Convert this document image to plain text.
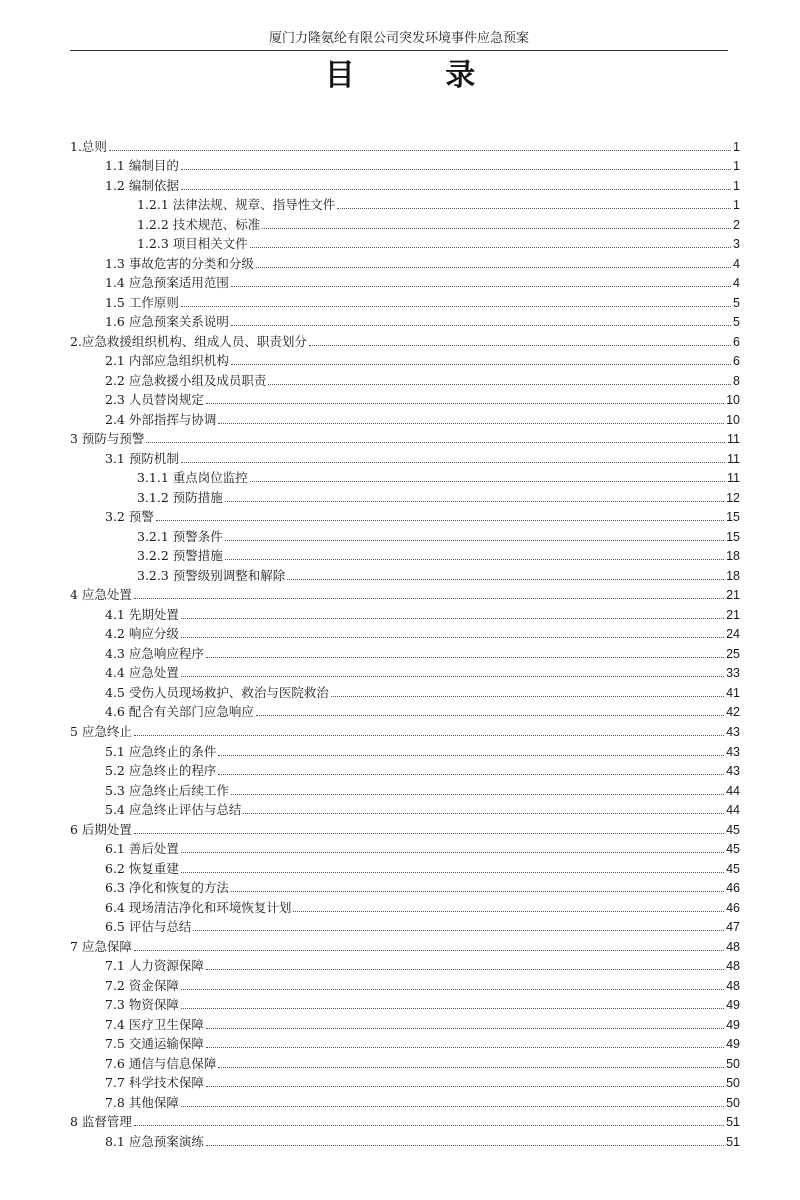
厦门力隆氨纶有限公司突发环境事件应急预案
目 录
1.总则	1
1.1 编制目的	1
1.2 编制依据	1
1.2.1 法律法规、规章、指导性文件	1
1.2.2 技术规范、标准	2
1.2.3 项目相关文件	3
1.3 事故危害的分类和分级	4
1.4 应急预案适用范围	4
1.5 工作原则	5
1.6 应急预案关系说明	5
2.应急救援组织机构、组成人员、职责划分	6
2.1 内部应急组织机构	6
2.2 应急救援小组及成员职责	8
2.3 人员替岗规定	10
2.4 外部指挥与协调	10
3 预防与预警	11
3.1 预防机制	11
3.1.1 重点岗位监控	11
3.1.2 预防措施	12
3.2 预警	15
3.2.1 预警条件	15
3.2.2 预警措施	18
3.2.3 预警级别调整和解除	18
4 应急处置	21
4.1 先期处置	21
4.2 响应分级	24
4.3 应急响应程序	25
4.4 应急处置	33
4.5 受伤人员现场救护、救治与医院救治	41
4.6 配合有关部门应急响应	42
5 应急终止	43
5.1 应急终止的条件	43
5.2 应急终止的程序	43
5.3 应急终止后续工作	44
5.4 应急终止评估与总结	44
6 后期处置	45
6.1 善后处置	45
6.2 恢复重建	45
6.3 净化和恢复的方法	46
6.4 现场清洁净化和环境恢复计划	46
6.5 评估与总结	47
7 应急保障	48
7.1 人力资源保障	48
7.2 资金保障	48
7.3 物资保障	49
7.4 医疗卫生保障	49
7.5 交通运输保障	49
7.6 通信与信息保障	50
7.7 科学技术保障	50
7.8 其他保障	50
8 监督管理	51
8.1 应急预案演练	51
